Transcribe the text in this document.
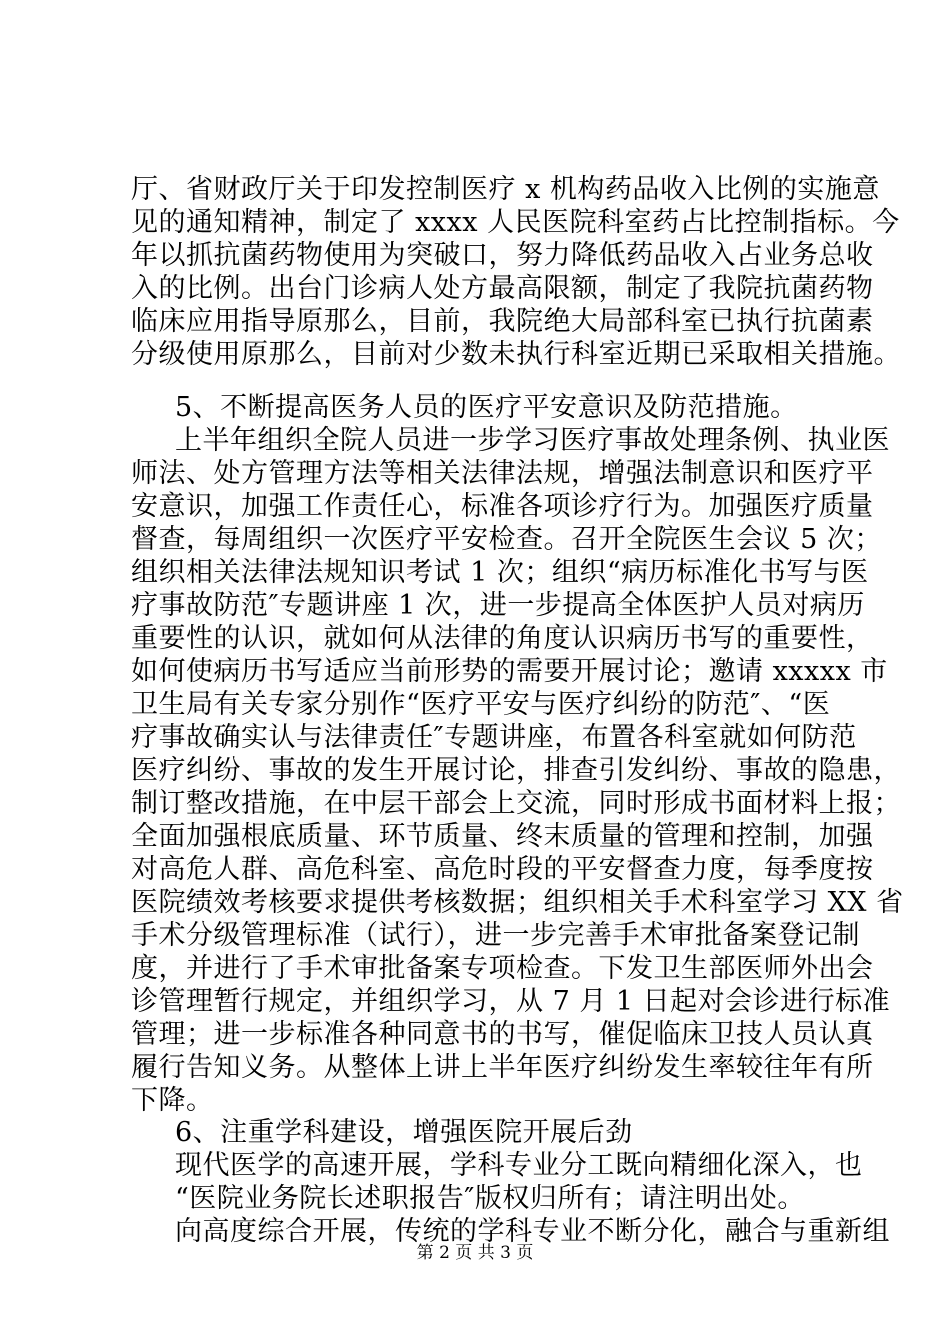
厅、省财政厅关于印发控制医疗 x 机构药品收入比例的实施意
见的通知精神，制定了 xxxx 人民医院科室药占比控制指标。今
年以抓抗菌药物使用为突破口，努力降低药品收入占业务总收
入的比例。出台门诊病人处方最高限额，制定了我院抗菌药物
临床应用指导原那么，目前，我院绝大局部科室已执行抗菌素
分级使用原那么，目前对少数未执行科室近期已采取相关措施。
5、不断提高医务人员的医疗平安意识及防范措施。
上半年组织全院人员进一步学习医疗事故处理条例、执业医
师法、处方管理方法等相关法律法规，增强法制意识和医疗平
安意识，加强工作责任心，标准各项诊疗行为。加强医疗质量
督查，每周组织一次医疗平安检查。召开全院医生会议 5 次；
组织相关法律法规知识考试 1 次；组织“病历标准化书写与医
疗事故防范″专题讲座 1 次，进一步提高全体医护人员对病历
重要性的认识，就如何从法律的角度认识病历书写的重要性，
如何使病历书写适应当前形势的需要开展讨论；邀请 xxxxx 市
卫生局有关专家分别作“医疗平安与医疗纠纷的防范″、“医
疗事故确实认与法律责任″专题讲座，布置各科室就如何防范
医疗纠纷、事故的发生开展讨论，排查引发纠纷、事故的隐患，
制订整改措施，在中层干部会上交流，同时形成书面材料上报；
全面加强根底质量、环节质量、终末质量的管理和控制，加强
对高危人群、高危科室、高危时段的平安督查力度，每季度按
医院绩效考核要求提供考核数据；组织相关手术科室学习 XX 省
手术分级管理标准（试行），进一步完善手术审批备案登记制
度，并进行了手术审批备案专项检查。下发卫生部医师外出会
诊管理暂行规定，并组织学习，从 7 月 1 日起对会诊进行标准
管理；进一步标准各种同意书的书写，催促临床卫技人员认真
履行告知义务。从整体上讲上半年医疗纠纷发生率较往年有所
下降。
6、注重学科建设，增强医院开展后劲
现代医学的高速开展，学科专业分工既向精细化深入，也
“医院业务院长述职报告″版权归所有；请注明出处。
向高度综合开展，传统的学科专业不断分化，融合与重新组
第 2 页 共 3 页
